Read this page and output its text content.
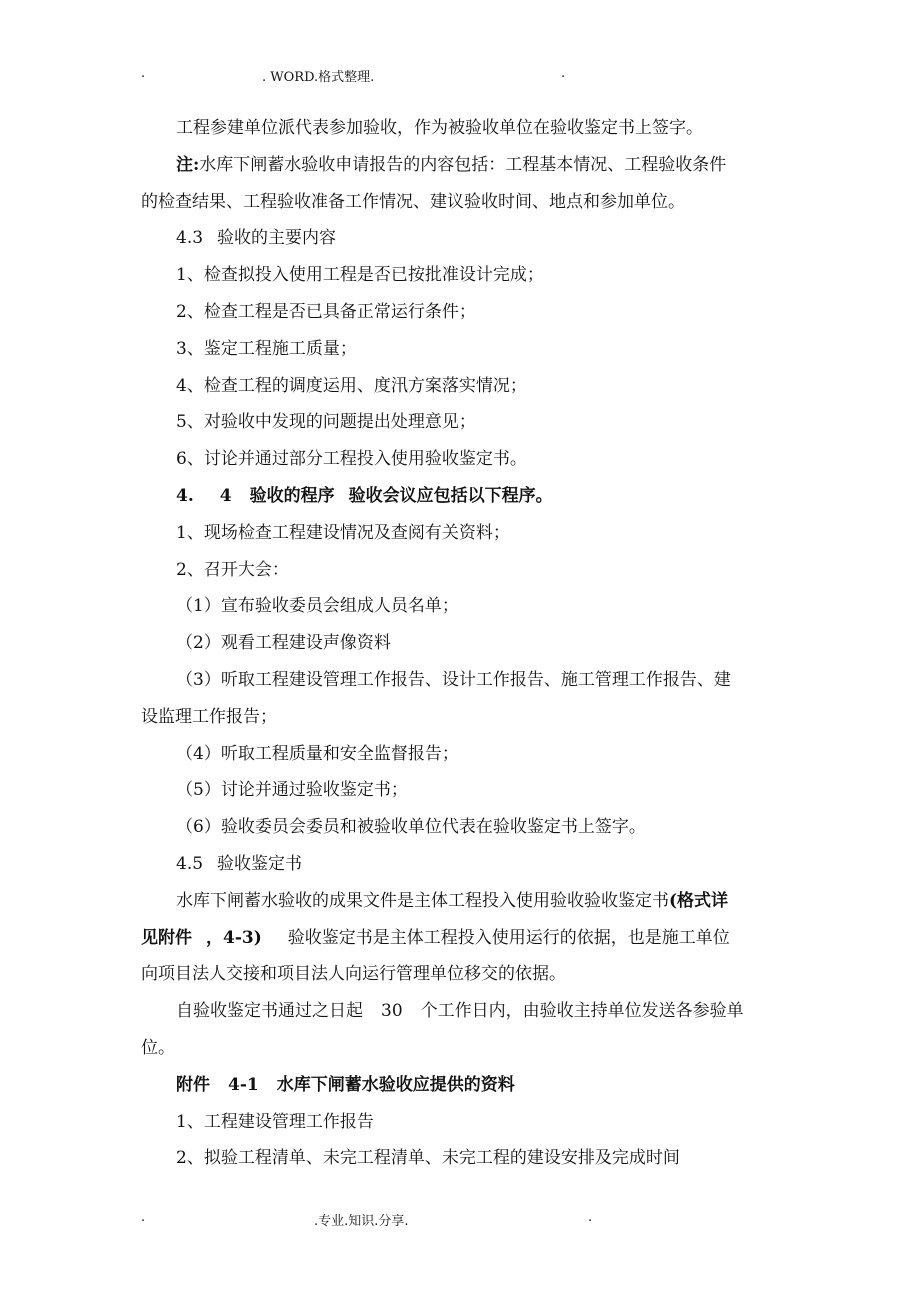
.	. WORD.格式整理.	.
工程参建单位派代表参加验收，作为被验收单位在验收鉴定书上签字。
注:水库下闸蓄水验收申请报告的内容包括：工程基本情况、工程验收条件
的检查结果、工程验收准备工作情况、建议验收时间、地点和参加单位。
4.3 验收的主要内容
1、检查拟投入使用工程是否已按批准设计完成；
2、检查工程是否已具备正常运行条件；
3、鉴定工程施工质量；
4、检查工程的调度运用、度汛方案落实情况；
5、对验收中发现的问题提出处理意见；
6、讨论并通过部分工程投入使用验收鉴定书。
4. 4 验收的程序 验收会议应包括以下程序。
1、现场检查工程建设情况及查阅有关资料；
2、召开大会：
（1）宣布验收委员会组成人员名单；
（2）观看工程建设声像资料
（3）听取工程建设管理工作报告、设计工作报告、施工管理工作报告、建
设监理工作报告；
（4）听取工程质量和安全监督报告；
（5）讨论并通过验收鉴定书；
（6）验收委员会委员和被验收单位代表在验收鉴定书上签字。
4.5 验收鉴定书
水库下闸蓄水验收的成果文件是主体工程投入使用验收验收鉴定书(格式详
见附件 ，4-3) 验收鉴定书是主体工程投入使用运行的依据，也是施工单位
向项目法人交接和项目法人向运行管理单位移交的依据。
自验收鉴定书通过之日起 30 个工作日内，由验收主持单位发送各参验单
位。
附件 4-1 水库下闸蓄水验收应提供的资料
1、工程建设管理工作报告
2、拟验工程清单、未完工程清单、未完工程的建设安排及完成时间
.	.专业.知识.分享.	.
